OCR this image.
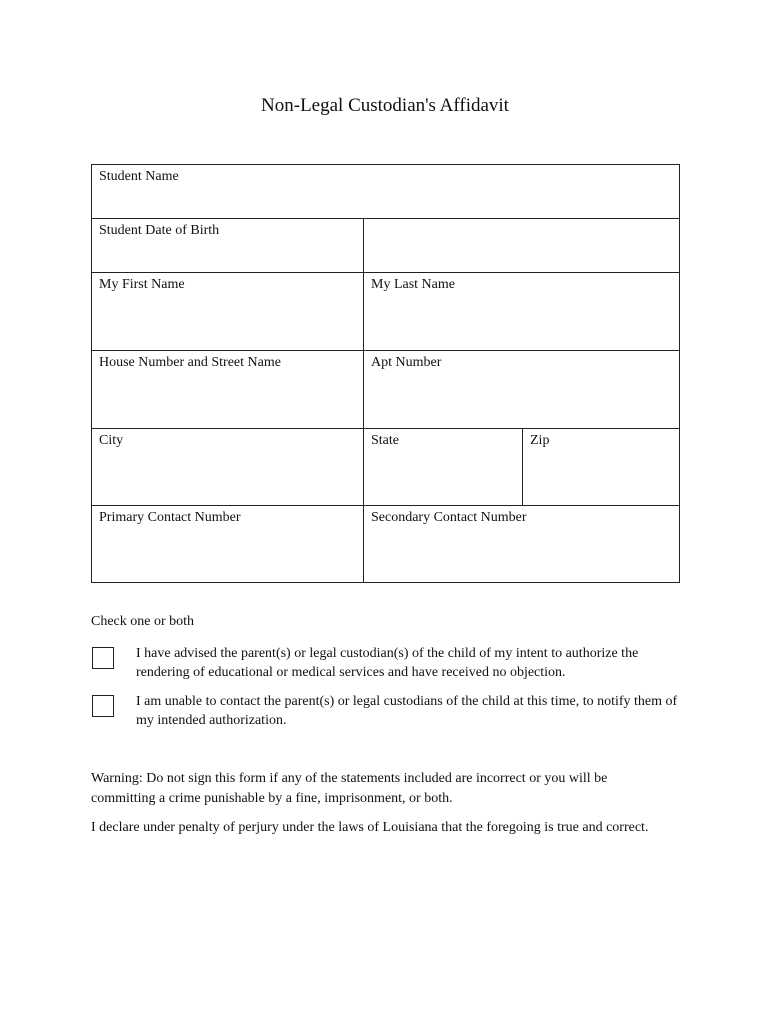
Non-Legal Custodian's Affidavit
Student Name
Student Date of Birth
My First Name	My Last Name
House Number and Street Name	Apt Number
City	State	Zip
Primary Contact Number	Secondary Contact Number
Check one or both
I have advised the parent(s) or legal custodian(s) of the child of my intent to authorize the rendering of educational or medical services and have received no objection.
I am unable to contact the parent(s) or legal custodians of the child at this time, to notify them of my intended authorization.
Warning: Do not sign this form if any of the statements included are incorrect or you will be committing a crime punishable by a fine, imprisonment, or both.
I declare under penalty of perjury under the laws of Louisiana that the foregoing is true and correct.
